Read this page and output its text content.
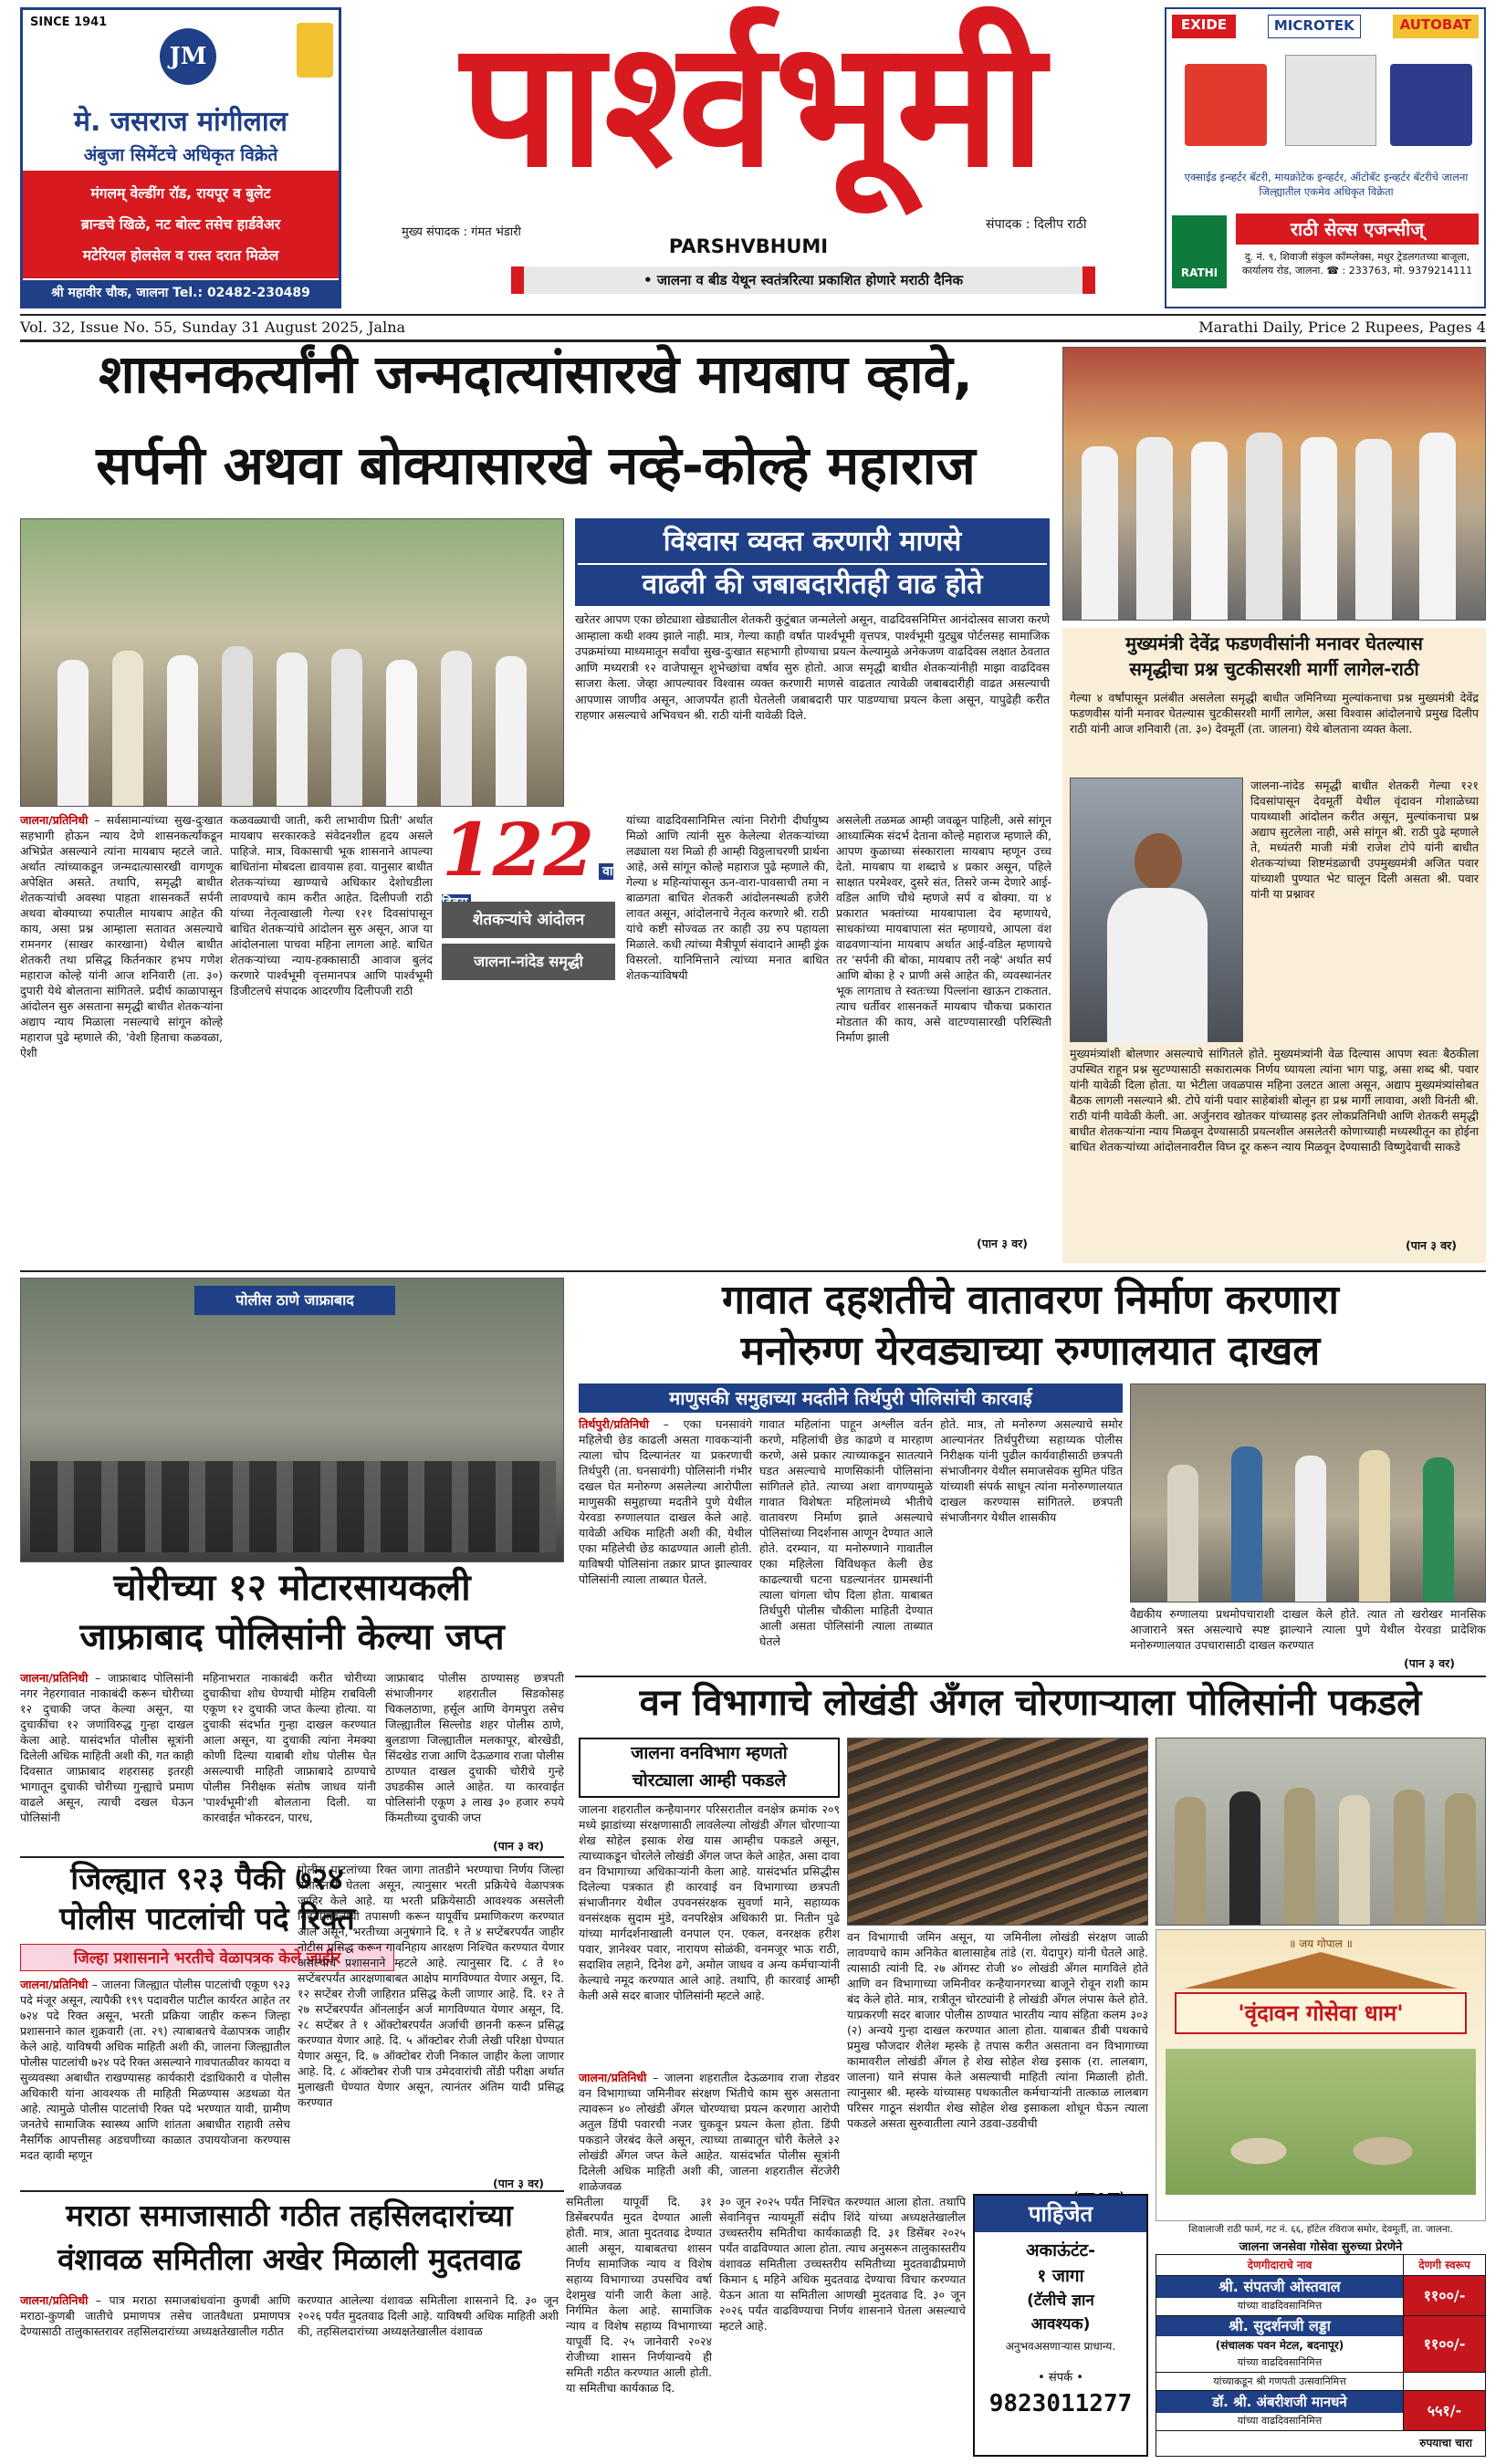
SINCE 1941
JM
मे. जसराज मांगीलाल
अंबुजा सिमेंटचे अधिकृत विक्रेते
मंगलम् वेल्डींग रॉड, रायपूर व बुलेट
ब्रान्डचे खिळे, नट बोल्ट तसेच हार्डवेअर
मटेरियल होलसेल व रास्त दरात मिळेल
श्री महावीर चौक, जालना Tel.: 02482-230489
पार्श्वभूमी
मुख्य संपादक : गंमत भंडारी
संपादक : दिलीप राठी
PARSHVBHUMI
• जालना व बीड येथून स्वतंत्ररित्या प्रकाशित होणारे मराठी दैनिक
EXIDE	MICROTEK	AUTOBAT
एक्साईड इन्व्हर्टर बॅटरी, मायक्रोटेक इन्व्हर्टर, ऑटोबॅट इन्व्हर्टर बॅटरीचे जालना जिल्ह्यातील एकमेव अधिकृत विक्रेता
RATHI
राठी सेल्स एजन्सीज्
दु. नं. ९, शिवाजी संकुल कॉम्प्लेक्स, मधुर ट्रेडलगतच्या बाजूला, कार्यालय रोड, जालना. ☎ : 233763, मो. 9379214111
Vol. 32, Issue No. 55, Sunday 31 August 2025, Jalna	Marathi Daily, Price 2 Rupees, Pages 4
शासनकर्त्यांनी जन्मदात्यांसारखे मायबाप व्हावे,
सर्पनी अथवा बोक्यासारखे नव्हे-कोल्हे महाराज
विश्वास व्यक्त करणारी माणसे
वाढली की जबाबदारीतही वाढ होते
खरेतर आपण एका छोट्याशा खेड्यातील शेतकरी कुटुंबात जन्मलेलो असून, वाढदिवसनिमित्त आनंदोत्सव साजरा करणे आम्हाला कधी शक्य झाले नाही. मात्र, गेल्या काही वर्षात पार्श्वभूमी वृत्तपत्र, पार्श्वभूमी युट्युब पोर्टलसह सामाजिक उपक्रमांच्या माध्यमातून सर्वांचा सुख-दुःखात सहभागी होण्याचा प्रयत्न केल्यामुळे अनेकजण वाढदिवस लक्षात ठेवतात आणि मध्यरात्री १२ वाजेपासून शुभेच्छांचा वर्षाव सुरु होतो. आज समृद्धी बाधीत शेतकऱ्यांनीही माझा वाढदिवस साजरा केला. जेव्हा आपल्यावर विश्वास व्यक्त करणारी माणसे वाढतात त्यावेळी जबाबदारीही वाढत असल्याची आपणास जाणीव असून, आजपर्यंत हाती घेतलेली जबाबदारी पार पाडण्याचा प्रयत्न केला असून, यापुढेही करीत राहणार असल्याचे अभिवचन श्री. राठी यांनी यावेळी दिले.
जालना/प्रतिनिधी – सर्वसामान्यांच्या सुख-दुःखात सहभागी होऊन न्याय देणे शासनकर्त्यांकडून अभिप्रेत असल्याने त्यांना मायबाप म्हटले जाते. अर्थात त्यांच्याकडून जन्मदात्यासारखी वागणूक अपेक्षित असते. तथापि, समृद्धी बाधीत शेतकऱ्यांची अवस्था पाहता शासनकर्ते सर्पनी अथवा बोक्याच्या रुपातील मायबाप आहेत की काय, असा प्रश्न आम्हाला सतावत असल्याचे रामनगर (साखर कारखाना) येथील बाधीत शेतकरी तथा प्रसिद्ध किर्तनकार हभप गणेश महाराज कोल्हे यांनी आज शनिवारी (ता. ३०) दुपारी येथे बोलताना सांगितले. प्रदीर्घ काळापासून आंदोलन सुरु असताना समृद्धी बाधीत शेतकऱ्यांना अद्याप न्याय मिळाला नसल्याचे सांगून कोल्हे महाराज पुढे म्हणाले की, 'वेशी हिताचा कळवळा, ऐशी
कळवळ्याची जाती, करी लाभावीण प्रिती' अर्थात मायबाप सरकारकडे संवेदनशील हृदय असले पाहिजे. मात्र, विकासाची भूक शासनाने आपल्या बाधितांना मोबदला द्यावयास हवा. यानुसार बाधीत शेतकऱ्यांच्या खाण्याचे अधिकार देशोधडीला लावण्याचे काम करीत आहेत. दिलीपजी राठी यांच्या नेतृत्वाखाली गेल्या १२१ दिवसांपासून बाधित शेतकऱ्यांचे आंदोलन सुरु असून, आज या आंदोलनाला पाचवा महिना लागला आहे. बाधित शेतकऱ्यांच्या न्याय-हक्कासाठी आवाज बुलंद करणारे पार्श्वभूमी वृत्तमानपत्र आणि पार्श्वभूमी डिजीटलचे संपादक आदरणीय दिलीपजी राठी
122 वा
शेतकऱ्यांचे आंदोलन
जालना-नांदेड समृद्धी
यांच्या वाढदिवसानिमित्त त्यांना निरोगी दीर्घायुष्य मिळो आणि त्यांनी सुरु केलेल्या शेतकऱ्यांच्या लढ्याला यश मिळो ही आम्ही विठ्ठलाचरणी प्रार्थना आहे, असे सांगून कोल्हे महाराज पुढे म्हणाले की, गेल्या ४ महिन्यांपासून ऊन-वारा-पावसाची तमा न बाळगता बाधित शेतकरी आंदोलनस्थळी हजेरी लावत असून, आंदोलनाचे नेतृत्व करणारे श्री. राठी यांचे कष्टी सोज्वळ तर काही उग्र रुप पहायला मिळाले. कधी त्यांच्या मैत्रीपूर्ण संवादाने आम्ही ड्रंक विसरलो. यानिमित्ताने त्यांच्या मनात बाधित शेतकऱ्यांविषयी
असलेली तळमळ आम्ही जवळून पाहिली, असे सांगून आध्यात्मिक संदर्भ देताना कोल्हे महाराज म्हणाले की, आपण कुळाच्या संस्काराला मायबाप म्हणून उच्च देतो. मायबाप या शब्दाचे ४ प्रकार असून, पहिले साक्षात परमेश्वर, दुसरे संत, तिसरे जन्म देणारे आई-वडिल आणि चौथे म्हणजे सर्प व बोक्या. या ४ प्रकारात भक्तांच्या मायबापाला देव म्हणायचे, साधकांच्या मायबापाला संत म्हणायचे, आपला वंश वाढवणाऱ्यांना मायबाप अर्थात आई-वडिल म्हणायचे तर 'सर्पनी की बोका, मायबाप तरी नव्हे' अर्थात सर्प आणि बोका हे २ प्राणी असे आहेत की, व्यवस्थानंतर भूक लागताच ते स्वतःच्या पिल्लांना खाऊन टाकतात. त्याच धर्तीवर शासनकर्ते मायबाप चौकचा प्रकारात मोडतात की काय, असे वाटण्यासारखी परिस्थिती निर्माण झाली
(पान ३ वर)
मुख्यमंत्री देवेंद्र फडणवीसांनी मनावर घेतल्यास
समृद्धीचा प्रश्न चुटकीसरशी मार्गी लागेल-राठी
गेल्या ४ वर्षांपासून प्रलंबीत असलेला समृद्धी बाधीत जमिनिच्या मुल्यांकनाचा प्रश्न मुख्यमंत्री देवेंद्र फडणवीस यांनी मनावर घेतल्यास चुटकीसरशी मार्गी लागेल, असा विश्वास आंदोलनाचे प्रमुख दिलीप राठी यांनी आज शनिवारी (ता. ३०) देवमूर्ती (ता. जालना) येथे बोलताना व्यक्त केला.
जालना-नांदेड समृद्धी बाधीत शेतकरी गेल्या १२१ दिवसांपासून देवमूर्ती येथील वृंदावन गोशाळेच्या पायथ्याशी आंदोलन करीत असून, मुल्यांकनाचा प्रश्न अद्याप सुटलेला नाही, असे सांगून श्री. राठी पुढे म्हणाले ते, मध्यंतरी माजी मंत्री राजेश टोपे यांनी बाधीत शेतकऱ्यांच्या शिष्टमंडळाची उपमुख्यमंत्री अजित पवार यांच्याशी पुण्यात भेट घालून दिली असता श्री. पवार यांनी या प्रश्नावर
मुख्यमंत्र्यांशी बोलणार असल्याचे सांगितले होते. मुख्यमंत्र्यांनी वेळ दिल्यास आपण स्वतः बैठकीला उपस्थित राहून प्रश्न सुटण्यासाठी सकारात्मक निर्णय घ्यायला त्यांना भाग पाडू, असा शब्द श्री. पवार यांनी यावेळी दिला होता. या भेटीला जवळपास महिना उलटत आला असून, अद्याप मुख्यमंत्र्यांसोबत बैठक लागली नसल्याने श्री. टोपे यांनी पवार साहेबांशी बोलून हा प्रश्न मार्गी लावावा, अशी विनंती श्री. राठी यांनी यावेळी केली. आ. अर्जुनराव खोतकर यांच्यासह इतर लोकप्रतिनिधी आणि शेतकरी समृद्धी बाधीत शेतकऱ्यांना न्याय मिळवून देण्यासाठी प्रयत्नशील असलेतरी कोणाच्याही मध्यस्थीतून का होईना बाधित शेतकऱ्यांच्या आंदोलनावरील विघ्न दूर करून न्याय मिळवून देण्यासाठी विष्णुदेवाची साकडे
(पान ३ वर)
पोलीस ठाणे जाफ्राबाद
चोरीच्या १२ मोटारसायकली
जाफ्राबाद पोलिसांनी केल्या जप्त
जालना/प्रतिनिधी – जाफ्राबाद पोलिसांनी नगर नेहरगावात नाकाबंदी करून चोरीच्या १२ दुचाकी जप्त केल्या असून, या दुचाकींचा १२ जणांविरुद्ध गुन्हा दाखल केला आहे. यासंदर्भात पोलीस सूत्रांनी दिलेली अधिक माहिती अशी की, गत काही दिवसात जाफ्राबाद शहरासह इतरही भागातून दुचाकी चोरीच्या गुन्ह्याचे प्रमाण वाढले असून, त्याची दखल घेऊन पोलिसांनी
महिनाभरात नाकाबंदी करीत चोरीच्या दुचाकीचा शोध घेण्याची मोहिम राबविली एकूण १२ दुचाकी जप्त केल्या होत्या. या दुचाकी संदर्भात गुन्हा दाखल करण्यात आला असून, या दुचाकी त्यांना नेमक्या कोणी दिल्या याबाबी शोध पोलीस घेत असल्याची माहिती जाफ्राबादे ठाण्याचे पोलीस निरीक्षक संतोष जाधव यांनी 'पार्श्वभूमी'शी बोलताना दिली. या कारवाईत भोकरदन, पारध,
जाफ्राबाद पोलीस ठाण्यासह छत्रपती संभाजीनगर शहरातील सिडकोसह चिकलठाणा, हर्सूल आणि वेगमपुरा तसेच जिल्ह्यातील सिल्लोड शहर पोलीस ठाणे, बुलडाणा जिल्ह्यातील मलकापूर, बोरखेडी, सिंदखेड राजा आणि देऊळगाव राजा पोलीस ठाण्यात दाखल दुचाकी चोरीचे गुन्हे उघडकीस आले आहेत. या कारवाईत पोलिसांनी एकूण ३ लाख ३० हजार रुपये किंमतीच्या दुचाकी जप्त
(पान ३ वर)
गावात दहशतीचे वातावरण निर्माण करणारा
मनोरुग्ण येरवड्याच्या रुग्णालयात दाखल
माणुसकी समुहाच्या मदतीने तिर्थपुरी पोलिसांची कारवाई
तिर्थपुरी/प्रतिनिधी – एका घनसावंगे महिलेची छेड काढली असता गावकऱ्यांनी त्याला चोप दिल्यानंतर या प्रकरणाची तिर्थपुरी (ता. घनसावंगी) पोलिसांनी गंभीर दखल घेत मनोरुग्ण असलेल्या आरोपीला माणुसकी समुहाच्या मदतीने पुणे येथील येरवडा रुग्णालयात दाखल केले आहे. यावेळी अधिक माहिती अशी की, येथील एका महिलेची छेड काढण्यात आली होती. याविषयी पोलिसांना तक्रार प्राप्त झाल्यावर पोलिसांनी त्याला ताब्यात घेतले.
गावात महिलांना पाहून अश्लील वर्तन करणे, महिलांची छेड काढणे व मारहाण करणे, असे प्रकार त्याच्याकडून सातत्याने घडत असल्याचे माणसिकांनी पोलिसांना सांगितले होते. त्याच्या अशा वागण्यामुळे गावात विशेषतः महिलांमध्ये भीतीचे वातावरण निर्माण झाले असल्याचे पोलिसांच्या निदर्शनास आणून देण्यात आले होते. दरम्यान, या मनोरुग्णाने गावातील एका महिलेला विविधकृत केली छेड काढल्याची घटना घडल्यानंतर ग्रामस्थांनी त्याला चांगला चोप दिला होता. याबाबत तिर्थपुरी पोलीस चौकीला माहिती देण्यात आली असता पोलिसांनी त्याला ताब्यात घेतले
होते. मात्र, तो मनोरुग्ण असल्याचे समोर आल्यानंतर तिर्थपुरीच्या सहाय्यक पोलीस निरीक्षक यांनी पुढील कार्यवाहीसाठी छत्रपती संभाजीनगर येथील समाजसेवक सुमित पंडित यांच्याशी संपर्क साधून त्यांना मनोरुग्णालयात दाखल करण्यास सांगितले. छत्रपती संभाजीनगर येथील शासकीय
वैद्यकीय रुग्णालया प्रथमोपचाराशी दाखल केले होते. त्यात तो खरोखर मानसिक आजाराने त्रस्त असल्याचे स्पष्ट झाल्याने त्याला पुणे येथील येरवडा प्रादेशिक मनोरुग्णालयात उपचारासाठी दाखल करण्यात
(पान ३ वर)
जिल्ह्यात ९२३ पैकी ७२४
पोलीस पाटलांची पदे रिक्त
जिल्हा प्रशासनाने भरतीचे वेळापत्रक केले जाहीर
जालना/प्रतिनिधी – जालना जिल्ह्यात पोलीस पाटलांची एकूण ९२३ पदे मंजूर असून, त्यापैकी १९९ पदावरील पाटील कार्यरत आहेत तर ७२४ पदे रिक्त असून, भरती प्रक्रिया जाहीर करून जिल्हा प्रशासनाने काल शुक्रवारी (ता. २९) त्याबाबतचे वेळापत्रक जाहीर केले आहे. याविषयी अधिक माहिती अशी की, जालना जिल्ह्यातील पोलीस पाटलांची ७२४ पदे रिक्त असल्याने गावपातळीवर कायदा व सुव्यवस्था अबाधीत राखण्यासह कार्यकारी दंडाधिकारी व पोलीस अधिकारी यांना आवश्यक ती माहिती मिळण्यास अडथळा येत आहे. त्यामुळे पोलीस पाटलांची रिक्त पदे भरण्यात यावी, ग्रामीण जनतेचे सामाजिक स्वास्थ्य आणि शांतता अबाधीत राहावी तसेच नैसर्गिक आपत्तीसह अडचणीच्या काळात उपाययोजना करण्यास मदत व्हावी म्हणून
पोलीस पाटलांच्या रिक्त जागा तातडीने भरण्याचा निर्णय जिल्हा प्रशासनाने घेतला असून, त्यानुसार भरती प्रक्रियेचे वेळापत्रक जाहिर केले आहे. या भरती प्रक्रियेसाठी आवश्यक असलेली बिंदुनामावलीची तपासणी करून यापूर्वीच प्रमाणिकरण करण्यात आले असून, भरतीच्या अनुषंगाने दि. १ ते ४ सप्टेंबरपर्यंत जाहीर नोटीस प्रसिद्ध करून गावनिहाय आरक्षण निश्चित करण्यात येणार असल्याचे प्रशासनाने म्हटले आहे. त्यानुसार दि. ८ ते १० सप्टेंबरपर्यंत आरक्षणाबाबत आक्षेप मागविण्यात येणार असून, दि. १२ सप्टेंबर रोजी जाहिरात प्रसिद्ध केली जाणार आहे. दि. १२ ते २७ सप्टेंबरपर्यंत ऑनलाईन अर्ज मागविण्यात येणार असून, दि. २८ सप्टेंबर ते १ ऑक्टोबरपर्यंत अर्जाची छाननी करून प्रसिद्ध करण्यात येणार आहे. दि. ५ ऑक्टोबर रोजी लेखी परिक्षा घेण्यात येणार असून, दि. ७ ऑक्टोबर रोजी निकाल जाहीर केला जाणार आहे. दि. ८ ऑक्टोबर रोजी पात्र उमेदवारांची तोंडी परीक्षा अर्थात मुलाखती घेण्यात येणार असून, त्यानंतर अंतिम यादी प्रसिद्ध करण्यात
(पान ३ वर)
वन विभागाचे लोखंडी अँगल चोरणाऱ्याला पोलिसांनी पकडले
जालना वनविभाग म्हणतो
चोरट्याला आम्ही पकडले
जालना शहरातील कन्हैयानगर परिसरातील वनक्षेत्र क्रमांक २०९ मध्ये झाडांच्या संरक्षणासाठी लावलेल्या लोखंडी अँगल चोरणाऱ्या शेख सोहेल इसाक शेख यास आम्हीच पकडले असून, त्याच्याकडून चोरलेले लोखंडी अँगल जप्त केले आहेत, असा दावा वन विभागाच्या अधिकाऱ्यांनी केला आहे. यासंदर्भात प्रसिद्धीस दिलेल्या पत्रकात ही कारवाई वन विभागाच्या छत्रपती संभाजीनगर येथील उपवनसंरक्षक सुवर्णा माने, सहाय्यक वनसंरक्षक सुदाम मुंडे, वनपरिक्षेत्र अधिकारी प्रा. नितीन पुढे यांच्या मार्गदर्शनाखाली वनपाल एन. एकल, वनरक्षक हरीश पवार, ज्ञानेश्वर पवार, नारायण सोळंकी, वनमजूर भाऊ राठी, सदाशिव लहाने, दिनेश ढगे, अमोल जाधव व अन्य कर्मचाऱ्यांनी केल्याचे नमूद करण्यात आले आहे. तथापि, ही कारवाई आम्ही केली असे सदर बाजार पोलिसांनी म्हटले आहे.
जालना/प्रतिनिधी – जालना शहरातील देऊळगाव राजा रोडवर वन विभागाच्या जमिनीवर संरक्षण भिंतीचे काम सुरु असताना त्यावरून ४० लोखंडी अँगल चोरण्याचा प्रयत्न करणारा आरोपी अतुल डिंपी पवारची नजर चुकवून प्रयत्न केला होता. डिंपी पकडाने जेरबंद केले असून, त्याच्या ताब्यातून चोरी केलेले ३२ लोखंडी अँगल जप्त केले आहेत. यासंदर्भात पोलीस सूत्रांनी दिलेली अधिक माहिती अशी की, जालना शहरातील सेंटजेरी शाळेजवळ
वन विभागाची जमिन असून, या जमिनीला लोखंडी संरक्षण जाळी लावण्याचे काम अनिकेत बालासाहेब तांडे (रा. येदापुर) यांनी घेतले आहे. त्यासाठी त्यांनी दि. २७ ऑगस्ट रोजी ४० लोखंडी अँगल मागविले होते आणि वन विभागाच्या जमिनीवर कन्हैयानगरच्या बाजूने रोवून राशी काम बंद केले होते. मात्र, रात्रीतून चोरट्यांनी हे लोखंडी अँगल लंपास केले होते. याप्रकरणी सदर बाजार पोलीस ठाण्यात भारतीय न्याय संहिता कलम ३०३ (२) अन्वये गुन्हा दाखल करण्यात आला होता. याबाबत डीबी पथकाचे प्रमुख फौजदार शैलेश म्हस्के हे तपास करीत असताना वन विभागाच्या कामावरील लोखंडी अँगल हे शेख सोहेल शेख इसाक (रा. लालबाग, जालना) याने संपास केले असल्याची माहिती त्यांना मिळाली होती. त्यानुसार श्री. म्हस्के यांच्यासह पथकातील कर्मचाऱ्यांनी तात्काळ लालबाग परिसर गाठून संशयीत शेख सोहेल शेख इसाकला शोधून घेऊन त्याला पकडले असता सुरुवातीला त्याने उडवा-उडवीची
॥ जय गोपाल ॥
'वृंदावन गोसेवा धाम'
शिवालाजी राठी फार्म, गट नं. ६६, हॉटेल रविराज समोर, देवमूर्ती, ता. जालना.
जालना जनसेवा गोसेवा सुरुच्या प्रेरणेने
देणगीदाराचे नाव	देणगी स्वरूप
श्री. संपतजी ओस्तवाल
यांच्या वाढदिवसानिमित्त
११००/-
श्री. सुदर्शनजी लड्डा
(संचालक पवन मेटल, बदनापूर)
यांच्या वाढदिवसानिमित्त
११००/-
यांच्याकडून श्री गणपती उत्सवानिमित्त
डॉ. श्री. अंबरीशजी मानधने
यांच्या वाढदिवसानिमित्त
५५१/-
रुपयाचा चारा
मराठा समाजासाठी गठीत तहसिलदारांच्या
वंशावळ समितीला अखेर मिळाली मुदतवाढ
जालना/प्रतिनिधी – पात्र मराठा समाजबांधवांना कुणबी आणि मराठा-कुणबी जातीचे प्रमाणपत्र तसेच जातवैधता प्रमाणपत्र देण्यासाठी तालुकास्तरावर तहसिलदारांच्या अध्यक्षतेखालील गठीत
करण्यात आलेल्या वंशावळ समितीला शासनाने दि. ३० जून २०२६ पर्यंत मुदतवाढ दिली आहे. याविषयी अधिक माहिती अशी की, तहसिलदारांच्या अध्यक्षतेखालील वंशावळ
समितीला यापूर्वी दि. ३१ डिसेंबरपर्यंत मुदत देण्यात आली होती. मात्र, आता मुदतवाढ देण्यात आली असून, याबाबतचा शासन निर्णय सामाजिक न्याय व विशेष सहाय्य विभागाच्या उपसचिव वर्षा देशमुख यांनी जारी केला आहे. निर्गमित केला आहे. सामाजिक न्याय व विशेष सहाय्य विभागाच्या यापूर्वी दि. २५ जानेवारी २०२४ रोजीच्या शासन निर्णयान्वये ही समिती गठीत करण्यात आली होती. या समितीचा कार्यकाळ दि.
३० जून २०२५ पर्यंत निश्चित करण्यात आला होता. तथापि सेवानिवृत्त न्यायमूर्ती संदीप शिंदे यांच्या अध्यक्षतेखालील उच्चस्तरीय समितीचा कार्यकाळही दि. ३१ डिसेंबर २०२५ पर्यंत वाढविण्यात आला होता. त्याच अनुसरून तालुकास्तरीय वंशावळ समितीला उच्चस्तरीय समितीच्या मुदतवाढीप्रमाणे किमान ६ महिने अधिक मुदतवाढ देण्याचा विचार करण्यात येऊन आता या समितीला आणखी मुदतवाढ दि. ३० जून २०२६ पर्यंत वाढविण्याचा निर्णय शासनाने घेतला असल्याचे म्हटले आहे.
पाहिजेत
अकाऊंटंट-
१ जागा
(टॅलीचे ज्ञान
आवश्यक)
अनुभवअसणाऱ्यास प्राधान्य.
• संपर्क •
9823011277
